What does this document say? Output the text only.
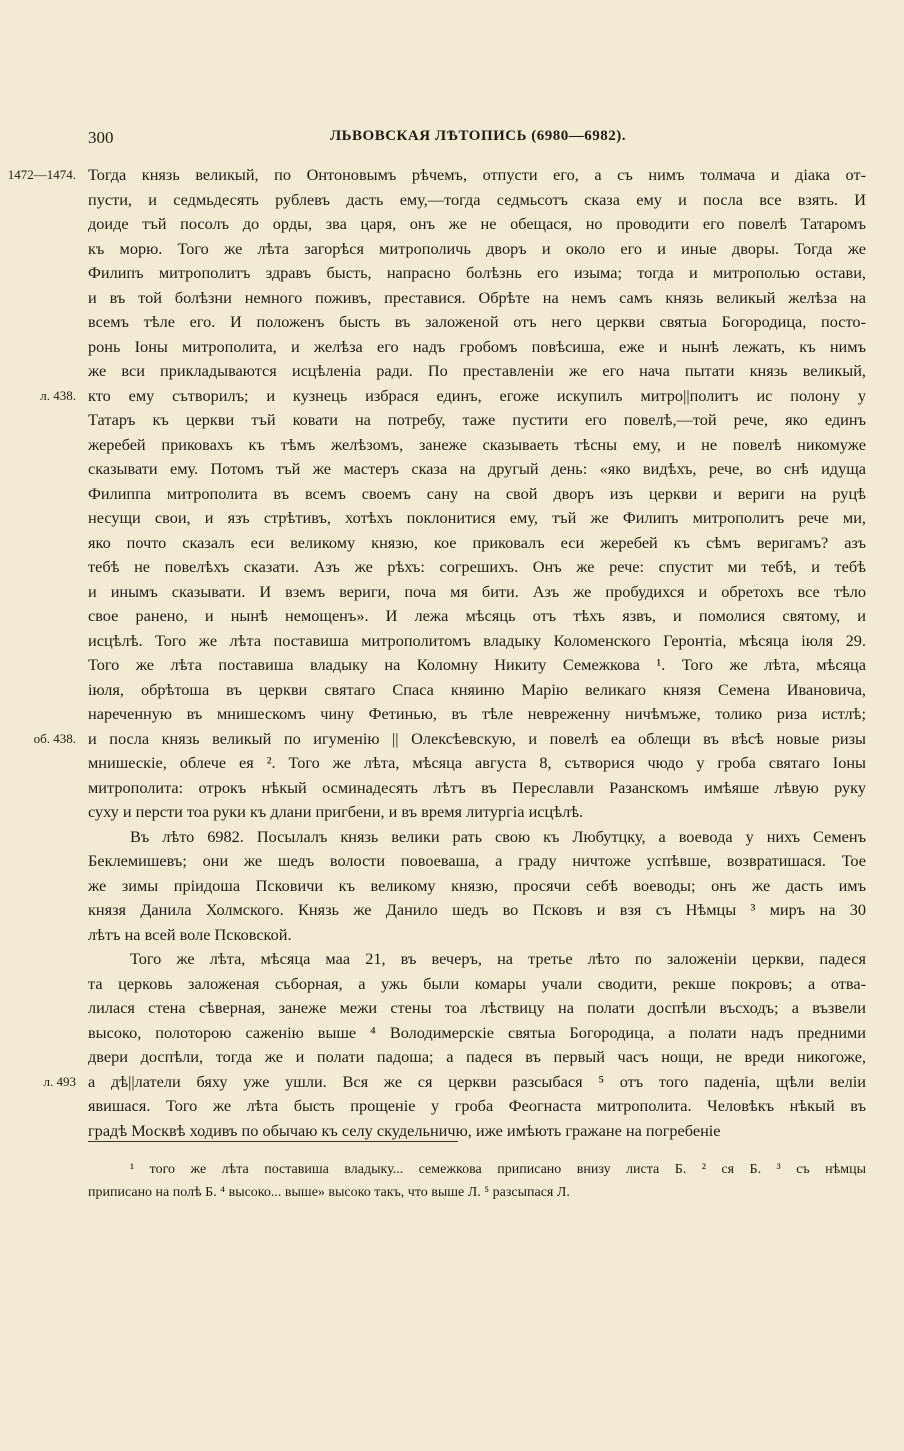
300	ЛЬВОВСКАЯ ЛѢТОПИСЬ (6980—6982).
Тогда князь великый, по Онтоновымъ рѣчемъ, отпусти его, а съ нимъ толмача и діака от-
1472—1474.
пусти, и седмьдесять рублевъ дасть ему,—тогда седмьсотъ сказа ему и посла все взять. И
доиде тъй посолъ до орды, зва царя, онъ же не обещася, но проводити его повелѣ Татаромъ
къ морю. Того же лѣта загорѣся митрополичь дворъ и около его и иные дворы. Тогда же
Филипъ митрополитъ здравъ бысть, напрасно болѣзнь его изыма; тогда и митрополью остави,
и въ той болѣзни немного поживъ, преставися. Обрѣте на немъ самъ князь великый желѣза на
всемъ тѣле его. И положенъ бысть въ заложеной отъ него церкви святыа Богородица, посто-
ронь Іоны митрополита, и желѣза его надъ гробомъ повѣсиша, еже и нынѣ лежать, къ нимъ
же вси прикладываются исцѣленіа ради. По преставленіи же его нача пытати князь великый,
кто ему сътворилъ; и кузнець избрася единъ, егоже искупилъ митро||политъ ис полону у
л. 438.
Татаръ къ церкви тъй ковати на потребу, таже пустити его повелѣ,—той рече, яко единъ
жеребей приковахъ къ тѣмъ желѣзомъ, занеже сказываеть тѣсны ему, и не повелѣ никомуже
сказывати ему. Потомъ тъй же мастеръ сказа на другый день: «яко видѣхъ, рече, во снѣ идуща
Филиппа митрополита въ всемъ своемъ сану на свой дворъ изъ церкви и вериги на руцѣ
несущи свои, и язъ стрѣтивъ, хотѣхъ поклонитися ему, тъй же Филипъ митрополитъ рече ми,
яко почто сказалъ еси великому князю, кое приковалъ еси жеребей къ сѣмъ веригамъ? азъ
тебѣ не повелѣхъ сказати. Азъ же рѣхъ: согрешихъ. Онъ же рече: спустит ми тебѣ, и тебѣ
и инымъ сказывати. И вземъ вериги, поча мя бити. Азъ же пробудихся и обретохъ все тѣло
свое ранено, и нынѣ немощенъ». И лежа мѣсяць отъ тѣхъ язвъ, и помолися святому, и
исцѣлѣ. Того же лѣта поставиша митрополитомъ владыку Коломенского Геронтіа, мѣсяца іюля 29.
Того же лѣта поставиша владыку на Коломну Никиту Семежкова ¹. Того же лѣта, мѣсяца
іюля, обрѣтоша въ церкви святаго Спаса княиню Марію великаго князя Семена Ивановича,
нареченную въ мнишескомъ чину Фетинью, въ тѣле невреженну ничѣмъже, толико риза истлѣ;
и посла князь великый по игуменію || Олексѣевскую, и повелѣ еа облещи въ вѣсѣ новые ризы
об. 438.
мнишескіе, облече ея ². Того же лѣта, мѣсяца августа 8, сътворися чюдо у гроба святаго Іоны
митрополита: отрокъ нѣкый осминадесять лѣтъ въ Переславли Разанскомъ имѣяше лѣвую руку
суху и персти тоа руки къ длани пригбени, и въ время литургіа исцѣлѣ.
Въ лѣто 6982. Посылалъ князь велики рать свою къ Любутцку, а воевода у нихъ Семенъ
Беклемишевъ; они же шедъ волости повоеваша, а граду ничтоже успѣвше, возвратишася. Тое
же зимы пріидоша Псковичи къ великому князю, просячи себѣ воеводы; онъ же дасть имъ
князя Данила Холмского. Князь же Данило шедъ во Псковъ и взя съ Нѣмцы ³ миръ на 30
лѣтъ на всей воле Псковской.
Того же лѣта, мѣсяца маа 21, въ вечеръ, на третье лѣто по заложеніи церкви, падеся
та церковь заложеная съборная, а ужь были комары учали сводити, рекше покровъ; а отва-
лилася стена сѣверная, занеже межи стены тоа лѣствицу на полати доспѣли въсходъ; а възвели
высоко, полоторою саженію выше ⁴ Володимерскіе святыа Богородица, а полати надъ предними
двери доспѣли, тогда же и полати падоша; а падеся въ первый часъ нощи, не вреди никогоже,
а дѣ||латели бяху уже ушли. Вся же ся церкви разсыбася ⁵ отъ того паденіа, щѣли веліи
л. 493
явишася. Того же лѣта бысть прощеніе у гроба Феогнаста митрополита. Человѣкъ нѣкый въ
градѣ Москвѣ ходивъ по обычаю къ селу скудельничю, иже имѣють гражане на погребеніе
¹ того же лѣта поставиша владыку... семежкова приписано внизу листа Б. ² ся Б. ³ съ нѣмцы
приписано на полѣ Б. ⁴ высоко... выше» высоко такъ, что выше Л. ⁵ разсыпася Л.
